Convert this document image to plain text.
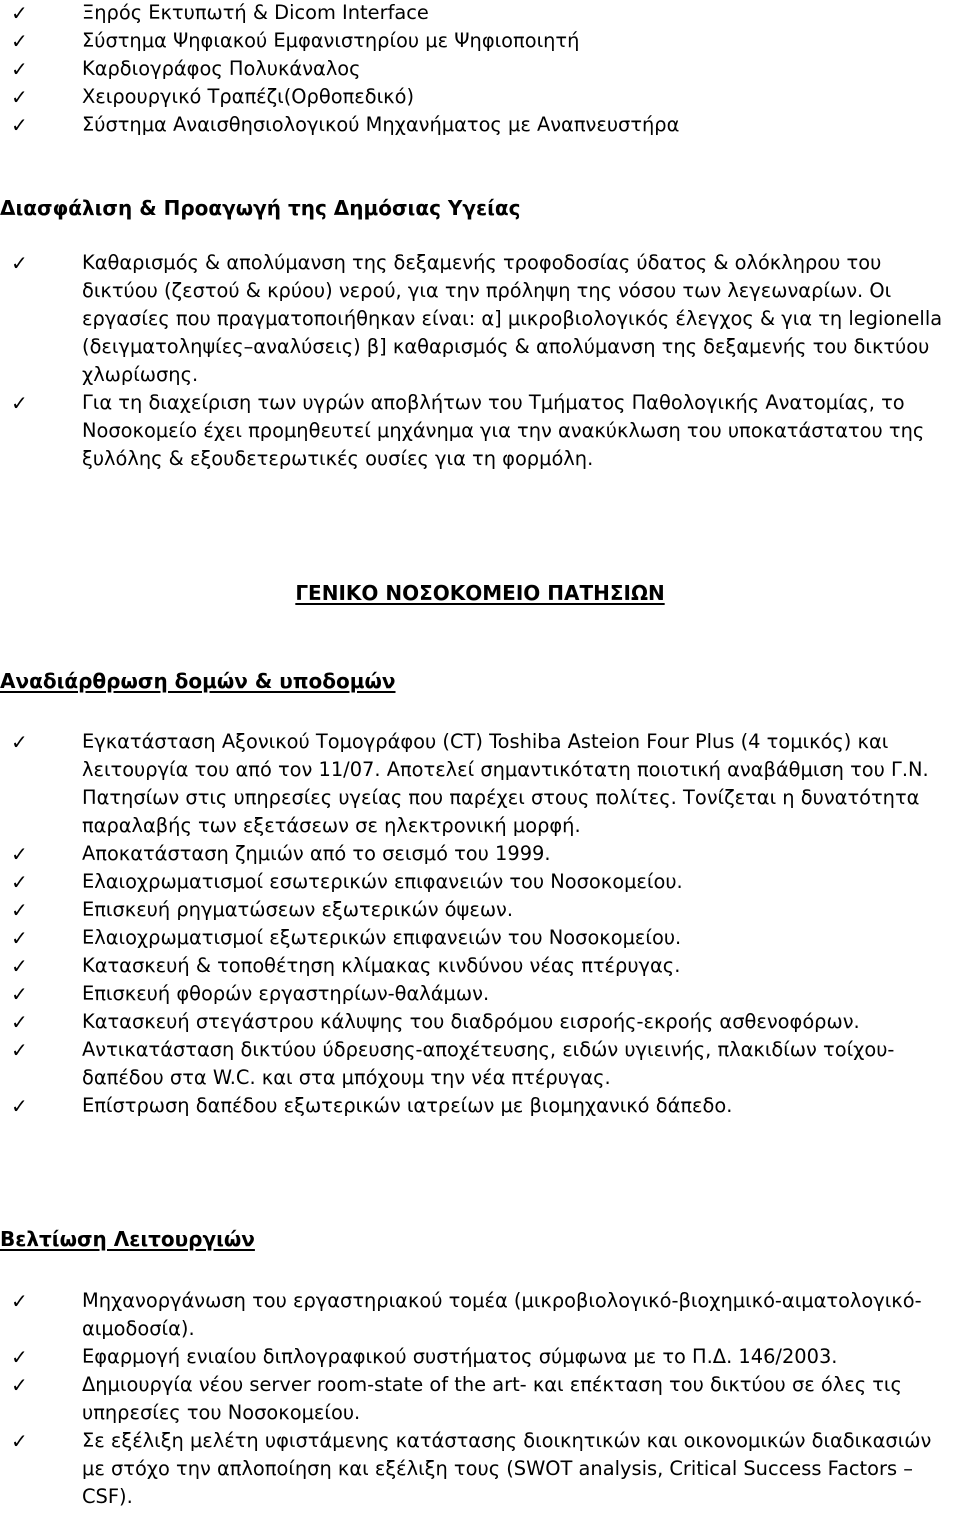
✓	Ξηρός Εκτυπωτή & Dicom Interface
✓	Σύστημα Ψηφιακού Εμφανιστηρίου με Ψηφιοποιητή
✓	Καρδιογράφος Πολυκάναλος
✓	Χειρουργικό Τραπέζι(Ορθοπεδικό)
✓	Σύστημα Αναισθησιολογικού Μηχανήματος με Αναπνευστήρα
Διασφάλιση & Προαγωγή της Δημόσιας Υγείας
✓	Καθαρισμός & απολύμανση της δεξαμενής τροφοδοσίας ύδατος & ολόκληρου του δικτύου (ζεστού & κρύου) νερού, για την πρόληψη της νόσου των λεγεωναρίων. Οι εργασίες που πραγματοποιήθηκαν είναι: α] μικροβιολογικός έλεγχος & για τη legionella (δειγματοληψίες–αναλύσεις) β] καθαρισμός & απολύμανση της δεξαμενής του δικτύου χλωρίωσης.
✓	Για τη διαχείριση των υγρών αποβλήτων του Τμήματος Παθολογικής Ανατομίας, το Νοσοκομείο έχει προμηθευτεί μηχάνημα για την ανακύκλωση του υποκατάστατου της ξυλόλης & εξουδετερωτικές ουσίες για τη φορμόλη.
ΓΕΝΙΚΟ ΝΟΣΟΚΟΜΕΙΟ ΠΑΤΗΣΙΩΝ
Αναδιάρθρωση δομών & υποδομών
✓	Εγκατάσταση Αξονικού Τομογράφου (CT) Toshiba Asteion Four Plus (4 τομικός) και λειτουργία του από τον 11/07. Αποτελεί σημαντικότατη ποιοτική αναβάθμιση του Γ.Ν. Πατησίων στις υπηρεσίες υγείας που παρέχει στους πολίτες. Τονίζεται η δυνατότητα παραλαβής των εξετάσεων σε ηλεκτρονική μορφή.
✓	Αποκατάσταση ζημιών από το σεισμό του 1999.
✓	Ελαιοχρωματισμοί εσωτερικών επιφανειών του Νοσοκομείου.
✓	Επισκευή ρηγματώσεων εξωτερικών όψεων.
✓	Ελαιοχρωματισμοί εξωτερικών επιφανειών του Νοσοκομείου.
✓	Κατασκευή & τοποθέτηση κλίμακας κινδύνου νέας πτέρυγας.
✓	Επισκευή φθορών εργαστηρίων-θαλάμων.
✓	Κατασκευή στεγάστρου κάλυψης του διαδρόμου εισροής-εκροής ασθενοφόρων.
✓	Αντικατάσταση δικτύου ύδρευσης-αποχέτευσης, ειδών υγιεινής, πλακιδίων τοίχου-δαπέδου στα W.C. και στα μπόχουμ την νέα πτέρυγας.
✓	Επίστρωση δαπέδου εξωτερικών ιατρείων με βιομηχανικό δάπεδο.
Βελτίωση Λειτουργιών
✓	Μηχανοργάνωση του εργαστηριακού τομέα (μικροβιολογικό-βιοχημικό-αιματολογικό-αιμοδοσία).
✓	Εφαρμογή ενιαίου διπλογραφικού συστήματος σύμφωνα με το Π.Δ. 146/2003.
✓	Δημιουργία νέου server room-state of the art- και επέκταση του δικτύου σε όλες τις υπηρεσίες του Νοσοκομείου.
✓	Σε εξέλιξη μελέτη υφιστάμενης κατάστασης διοικητικών και οικονομικών διαδικασιών με στόχο την απλοποίηση και εξέλιξη τους (SWOT analysis, Critical Success Factors – CSF).
